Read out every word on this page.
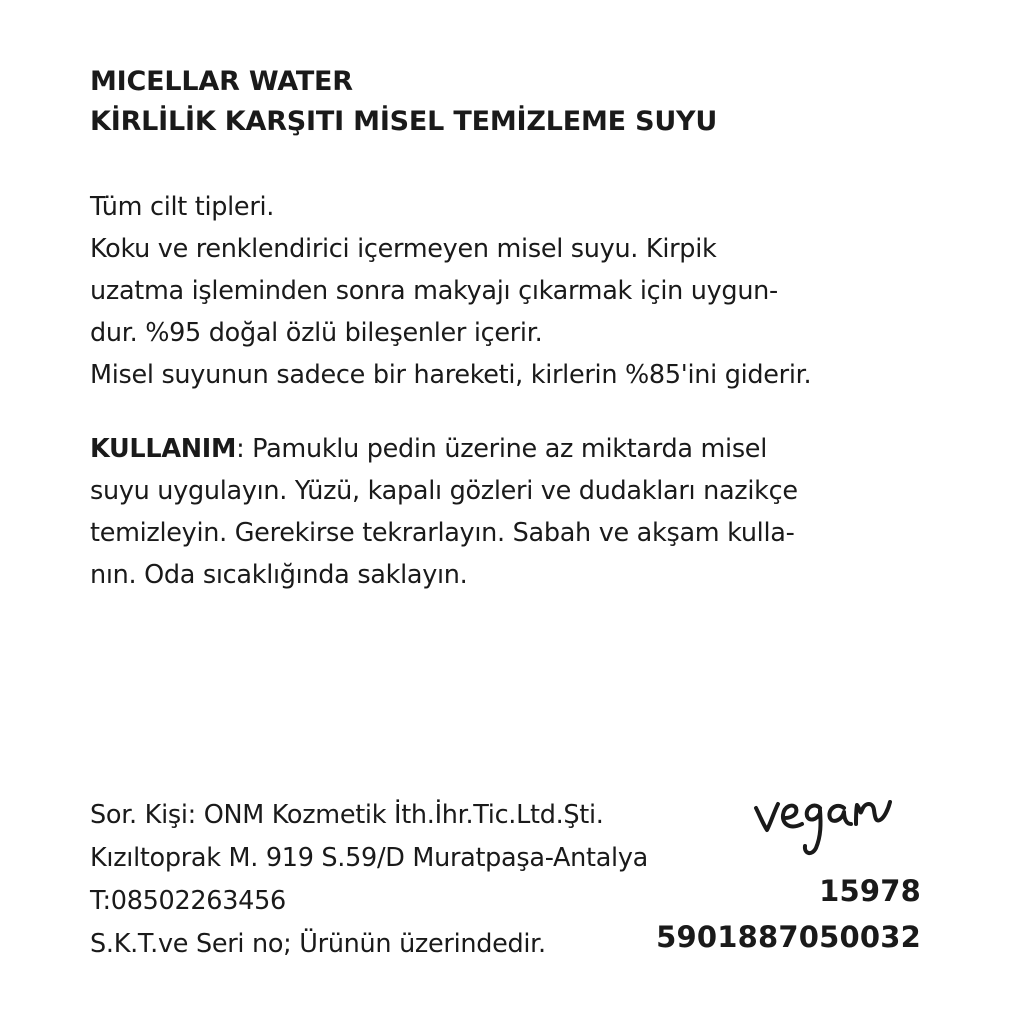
MICELLAR WATER
KİRLİLİK KARŞITI MİSEL TEMİZLEME SUYU
Tüm cilt tipleri.
Koku ve renklendirici içermeyen misel suyu. Kirpik
uzatma işleminden sonra makyajı çıkarmak için uygun-
dur. %95 doğal özlü bileşenler içerir.
Misel suyunun sadece bir hareketi, kirlerin %85'ini giderir.
KULLANIM: Pamuklu pedin üzerine az miktarda misel
suyu uygulayın. Yüzü, kapalı gözleri ve dudakları nazikçe
temizleyin. Gerekirse tekrarlayın. Sabah ve akşam kulla-
nın. Oda sıcaklığında saklayın.
Sor. Kişi: ONM Kozmetik İth.İhr.Tic.Ltd.Şti.
Kızıltoprak M. 919 S.59/D Muratpaşa-Antalya
T:08502263456
S.K.T.ve Seri no; Ürünün üzerindedir.
15978
5901887050032
